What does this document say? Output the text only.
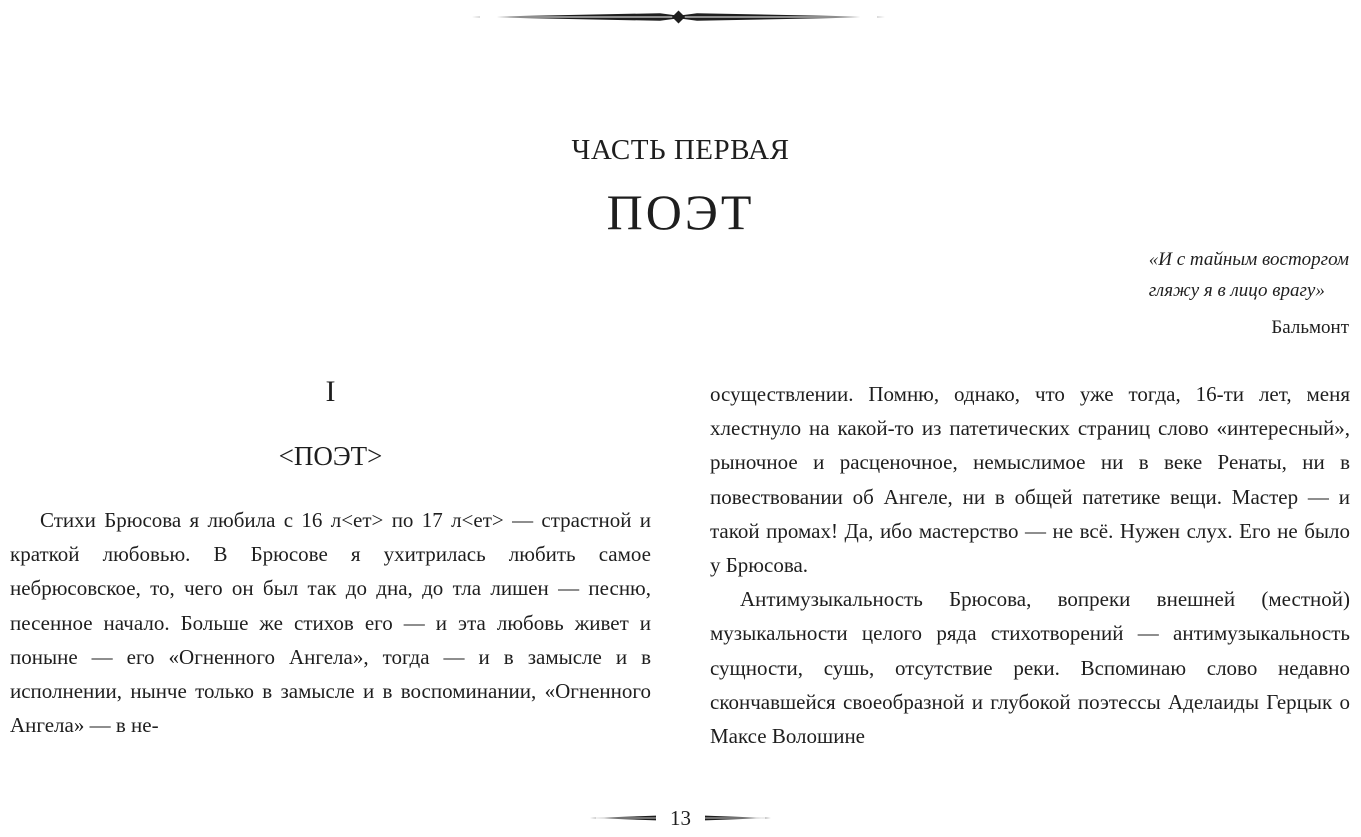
ЧАСТЬ ПЕРВАЯ
ПОЭТ
«И с тайным восторгом
гляжу я в лицо врагу»
Бальмонт
I
<ПОЭТ>

Стихи Брюсова я любила с 16 л<ет> по 17 л<ет> — страстной и краткой любовью. В Брюсове я ухитрилась любить самое небрюсовское, то, чего он был так до дна, до тла лишен — песню, песенное начало. Больше же стихов его — и эта любовь живет и поныне — его «Огненного Ангела», тогда — и в замысле и в исполнении, нынче только в замысле и в воспоминании, «Огненного Ангела» — в не-

осуществлении. Помню, однако, что уже тогда, 16-ти лет, меня хлестнуло на какой-то из патетических страниц слово «интересный», рыночное и расценочное, немыслимое ни в веке Ренаты, ни в повествовании об Ангеле, ни в общей патетике вещи. Мастер — и такой промах! Да, ибо мастерство — не всё. Нужен слух. Его не было у Брюсова.

Антимузыкальность Брюсова, вопреки внешней (местной) музыкальности целого ряда стихотворений — антимузыкальность сущности, сушь, отсутствие реки. Вспоминаю слово недавно скончавшейся своеобразной и глубокой поэтессы Аделаиды Герцык о Максе Волошине

13
